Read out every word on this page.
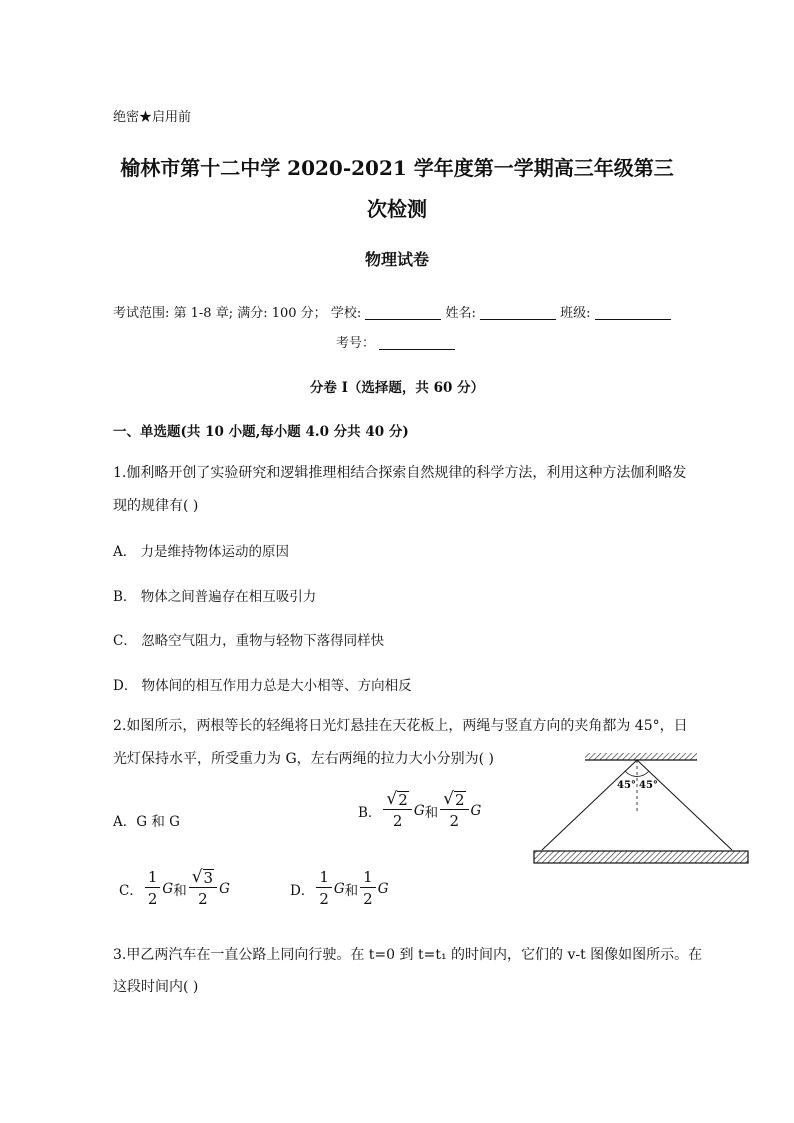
绝密★启用前
榆林市第十二中学 2020-2021 学年度第一学期高三年级第三
次检测
物理试卷
考试范围: 第 1-8 章; 满分: 100 分； 学校:	姓名:	班级:
考号：
分卷 I（选择题，共 60 分）
一、单选题(共 10 小题,每小题 4.0 分共 40 分)
1.伽利略开创了实验研究和逻辑推理相结合探索自然规律的科学方法，利用这种方法伽利略发
现的规律有( )
A． 力是维持物体运动的原因
B． 物体之间普遍存在相互吸引力
C． 忽略空气阻力，重物与轻物下落得同样快
D． 物体间的相互作用力总是大小相等、方向相反
2.如图所示，两根等长的轻绳将日光灯悬挂在天花板上，两绳与竖直方向的夹角都为 45°，日
光灯保持水平，所受重力为 G，左右两绳的拉力大小分别为( )
A．G 和 G
B． $\frac{√ 2}{2}$ G 和 $\frac{√ 2}{2}$ G
C． $\frac{1}{2}$ G 和 $\frac{√ 3}{2}$ G	D． $\frac{1}{2}$ G 和 $\frac{1}{2}$ G
45° 45°
3.甲乙两汽车在一直公路上同向行驶。在 t=0 到 t=t₁ 的时间内，它们的 v-t 图像如图所示。在
这段时间内( )
